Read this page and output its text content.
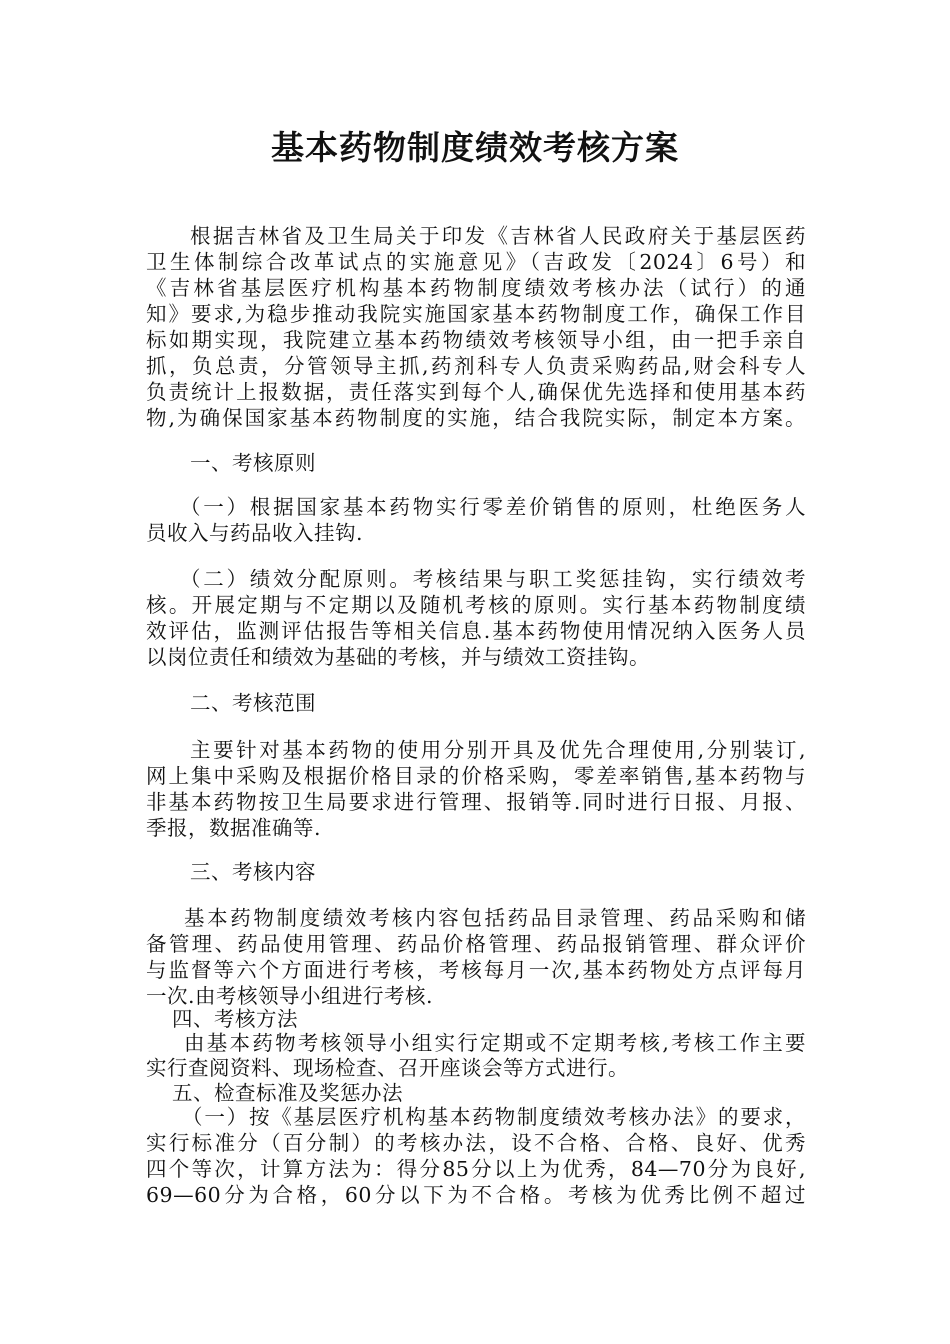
基本药物制度绩效考核方案
根据吉林省及卫生局关于印发《吉林省人民政府关于基层医药
卫生体制综合改革试点的实施意见》（吉政发〔2024〕6号）和
《吉林省基层医疗机构基本药物制度绩效考核办法（试行）的通
知》要求,为稳步推动我院实施国家基本药物制度工作，确保工作目
标如期实现，我院建立基本药物绩效考核领导小组，由一把手亲自
抓，负总责，分管领导主抓,药剂科专人负责采购药品,财会科专人
负责统计上报数据，责任落实到每个人,确保优先选择和使用基本药
物,为确保国家基本药物制度的实施，结合我院实际，制定本方案。
一、考核原则
（一）根据国家基本药物实行零差价销售的原则，杜绝医务人
员收入与药品收入挂钩.
（二）绩效分配原则。考核结果与职工奖惩挂钩，实行绩效考
核。开展定期与不定期以及随机考核的原则。实行基本药物制度绩
效评估，监测评估报告等相关信息.基本药物使用情况纳入医务人员
以岗位责任和绩效为基础的考核，并与绩效工资挂钩。
二、考核范围
主要针对基本药物的使用分别开具及优先合理使用,分别装订,
网上集中采购及根据价格目录的价格采购，零差率销售,基本药物与
非基本药物按卫生局要求进行管理、报销等.同时进行日报、月报、
季报，数据准确等.
三、考核内容
基本药物制度绩效考核内容包括药品目录管理、药品采购和储
备管理、药品使用管理、药品价格管理、药品报销管理、群众评价
与监督等六个方面进行考核，考核每月一次,基本药物处方点评每月
一次.由考核领导小组进行考核.
四、考核方法
由基本药物考核领导小组实行定期或不定期考核,考核工作主要
实行查阅资料、现场检查、召开座谈会等方式进行。
五、检查标准及奖惩办法
（一）按《基层医疗机构基本药物制度绩效考核办法》的要求，
实行标准分（百分制）的考核办法，设不合格、合格、良好、优秀
四个等次，计算方法为：得分85分以上为优秀，84—70分为良好,
69—60分为合格，60分以下为不合格。考核为优秀比例不超过
